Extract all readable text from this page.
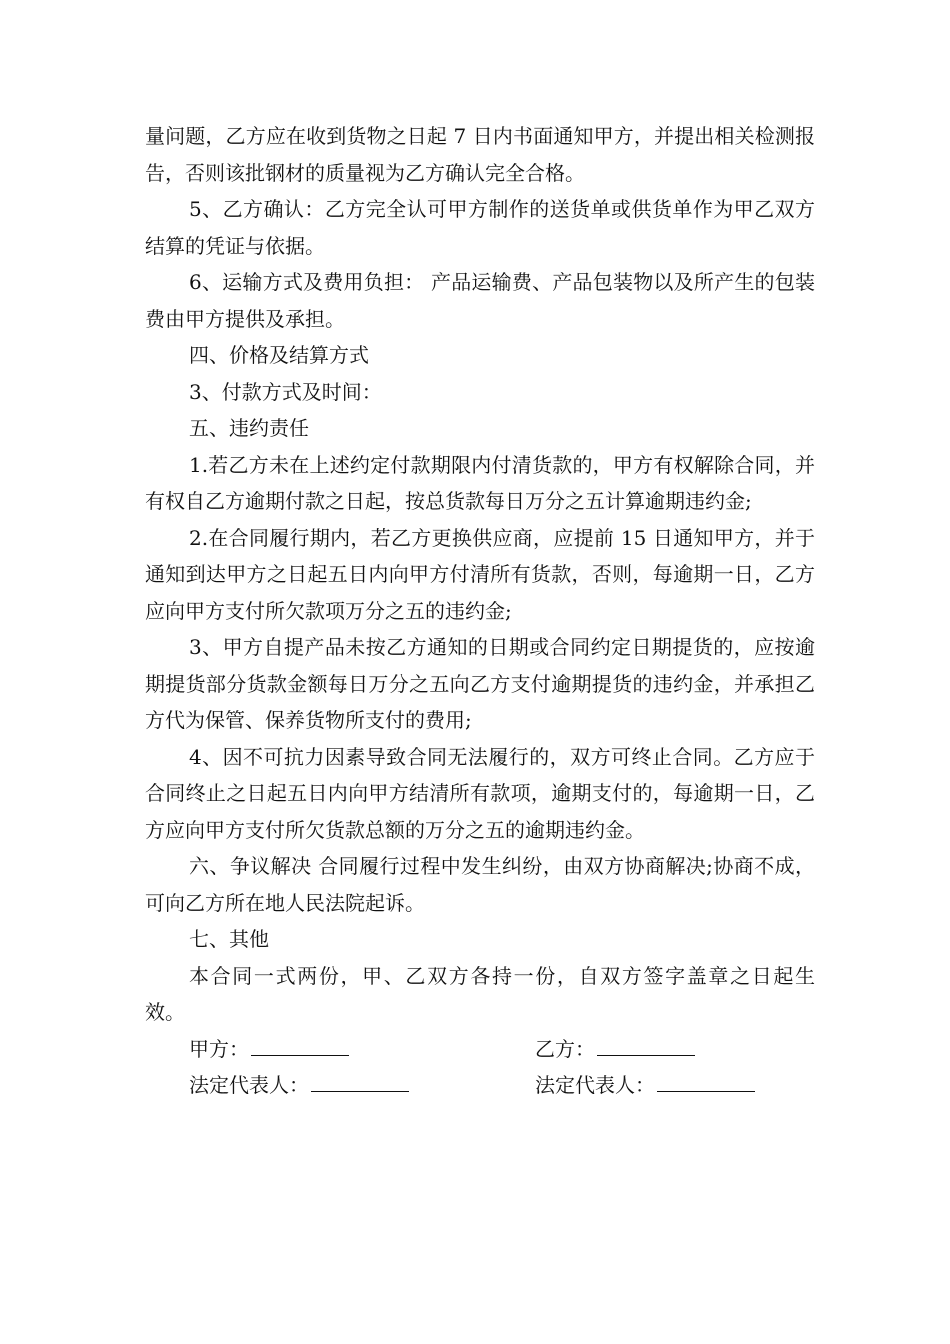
量问题，乙方应在收到货物之日起 7 日内书面通知甲方，并提出相关检测报告，否则该批钢材的质量视为乙方确认完全合格。

5、乙方确认：乙方完全认可甲方制作的送货单或供货单作为甲乙双方结算的凭证与依据。

6、运输方式及费用负担： 产品运输费、产品包装物以及所产生的包装费由甲方提供及承担。

四、价格及结算方式

3、付款方式及时间：

五、违约责任

1.若乙方未在上述约定付款期限内付清货款的，甲方有权解除合同，并有权自乙方逾期付款之日起，按总货款每日万分之五计算逾期违约金;

2.在合同履行期内，若乙方更换供应商，应提前 15 日通知甲方，并于通知到达甲方之日起五日内向甲方付清所有货款，否则，每逾期一日，乙方应向甲方支付所欠款项万分之五的违约金;

3、甲方自提产品未按乙方通知的日期或合同约定日期提货的，应按逾期提货部分货款金额每日万分之五向乙方支付逾期提货的违约金，并承担乙方代为保管、保养货物所支付的费用;

4、因不可抗力因素导致合同无法履行的，双方可终止合同。乙方应于合同终止之日起五日内向甲方结清所有款项，逾期支付的，每逾期一日，乙方应向甲方支付所欠货款总额的万分之五的逾期违约金。

六、争议解决 合同履行过程中发生纠纷，由双方协商解决;协商不成，可向乙方所在地人民法院起诉。

七、其他

本合同一式两份，甲、乙双方各持一份，自双方签字盖章之日起生 效。

甲方：	乙方：
法定代表人：	法定代表人：
